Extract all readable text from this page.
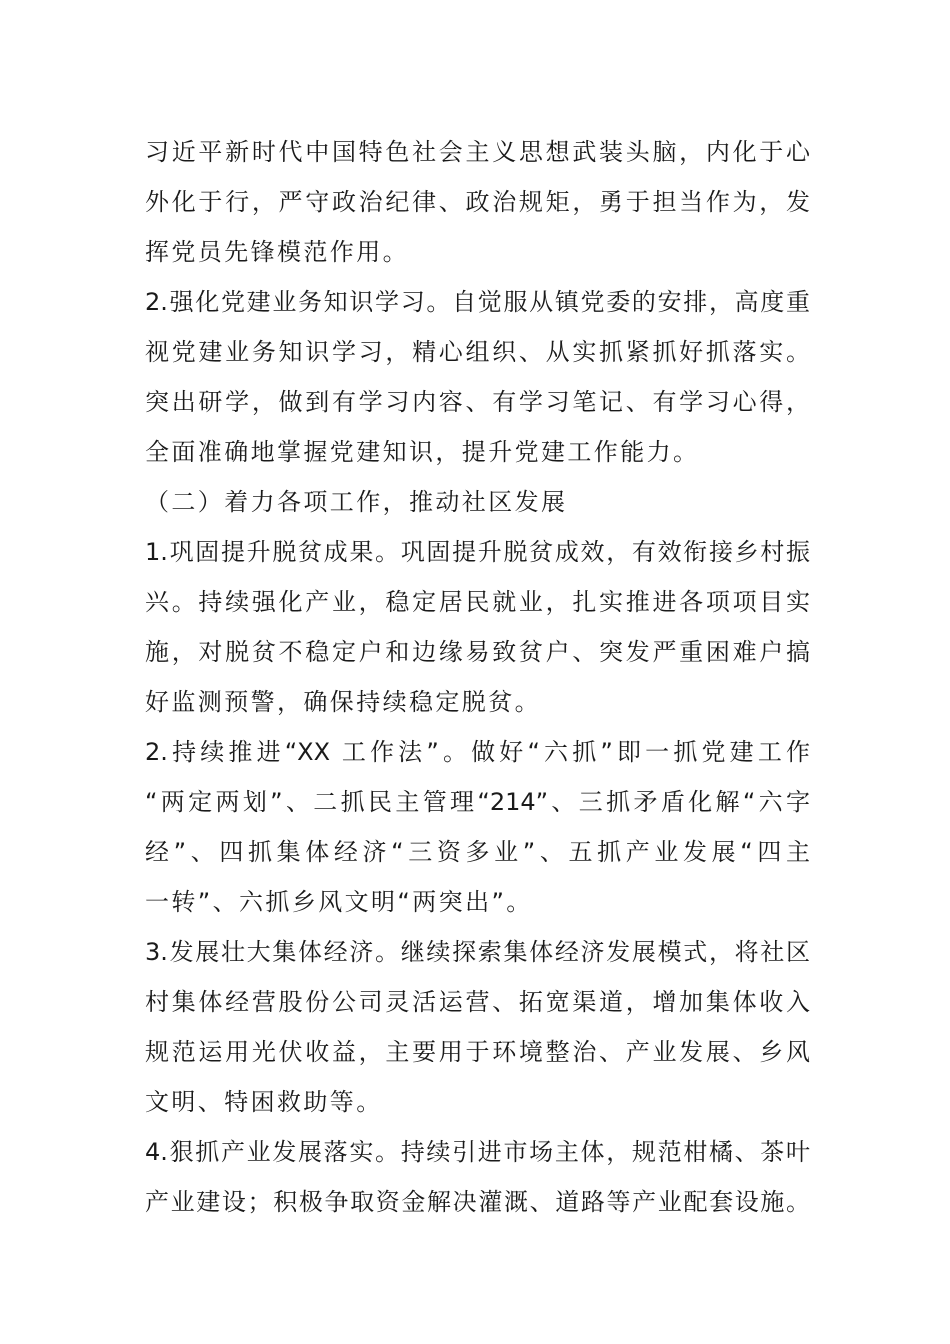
习近平新时代中国特色社会主义思想武装头脑，内化于心
外化于行，严守政治纪律、政治规矩，勇于担当作为，发
挥党员先锋模范作用。
2.强化党建业务知识学习。自觉服从镇党委的安排，高度重
视党建业务知识学习，精心组织、从实抓紧抓好抓落实。
突出研学，做到有学习内容、有学习笔记、有学习心得，
全面准确地掌握党建知识，提升党建工作能力。
（二）着力各项工作，推动社区发展
1.巩固提升脱贫成果。巩固提升脱贫成效，有效衔接乡村振
兴。持续强化产业，稳定居民就业，扎实推进各项项目实
施，对脱贫不稳定户和边缘易致贫户、突发严重困难户搞
好监测预警，确保持续稳定脱贫。
2.持续推进“XX 工作法”。做好“六抓”即一抓党建工作
“两定两划”、二抓民主管理“214”、三抓矛盾化解“六字
经”、四抓集体经济“三资多业”、五抓产业发展“四主
一转”、六抓乡风文明“两突出”。
3.发展壮大集体经济。继续探索集体经济发展模式，将社区
村集体经营股份公司灵活运营、拓宽渠道，增加集体收入
规范运用光伏收益，主要用于环境整治、产业发展、乡风
文明、特困救助等。
4.狠抓产业发展落实。持续引进市场主体，规范柑橘、茶叶
产业建设；积极争取资金解决灌溉、道路等产业配套设施。
